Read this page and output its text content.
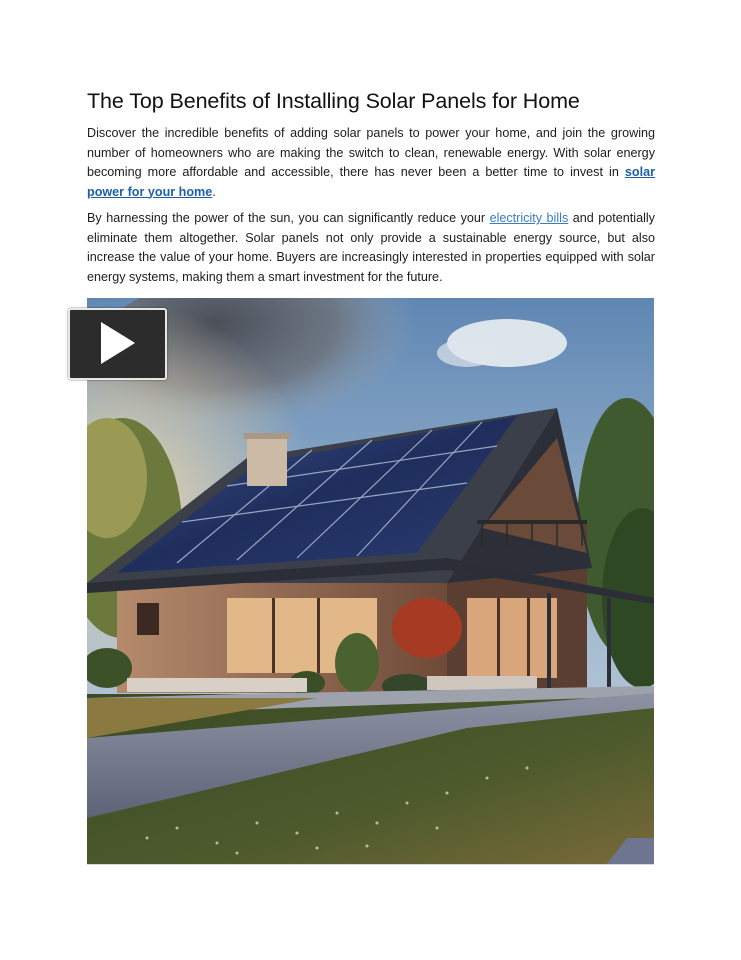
The Top Benefits of Installing Solar Panels for Home

Discover the incredible benefits of adding solar panels to power your home, and join the growing number of homeowners who are making the switch to clean, renewable energy. With solar energy becoming more affordable and accessible, there has never been a better time to invest in solar power for your home.

By harnessing the power of the sun, you can significantly reduce your electricity bills and potentially eliminate them altogether. Solar panels not only provide a sustainable energy source, but also increase the value of your home. Buyers are increasingly interested in properties equipped with solar energy systems, making them a smart investment for the future.
